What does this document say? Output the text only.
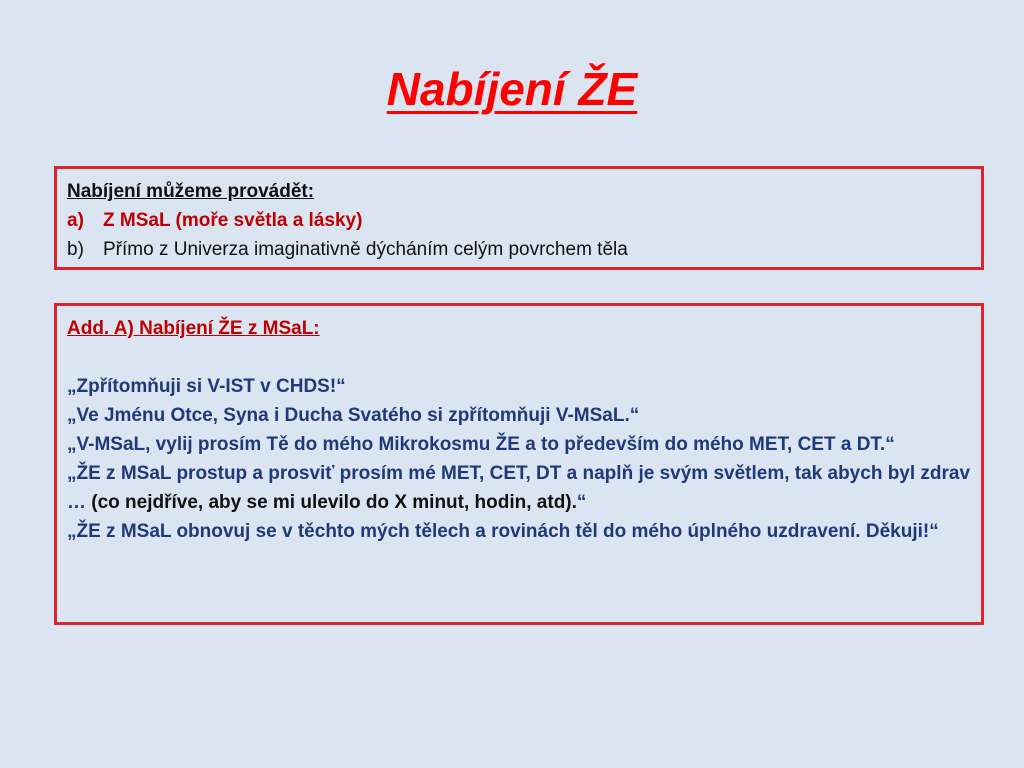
Nabíjení ŽE
Nabíjení můžeme provádět:
a) Z MSaL (moře světla a lásky)
b) Přímo z Univerza imaginativně dýcháním celým povrchem těla
Add. A) Nabíjení ŽE z MSaL:
„Zpřítomňuji si V-IST v CHDS!“
„Ve Jménu Otce, Syna i Ducha Svatého si zpřítomňuji V-MSaL.“
„V-MSaL, vylij prosím Tě do mého Mikrokosmu ŽE a to především do mého MET, CET a DT.“
„ŽE z MSaL prostup a prosviť prosím mé MET, CET, DT a naplň je svým světlem, tak abych byl zdrav … (co nejdříve, aby se mi ulevilo do X minut, hodin, atd).“
„ŽE z MSaL obnovuj se v těchto mých tělech a rovinách těl do mého úplného uzdravení. Děkuji!“
